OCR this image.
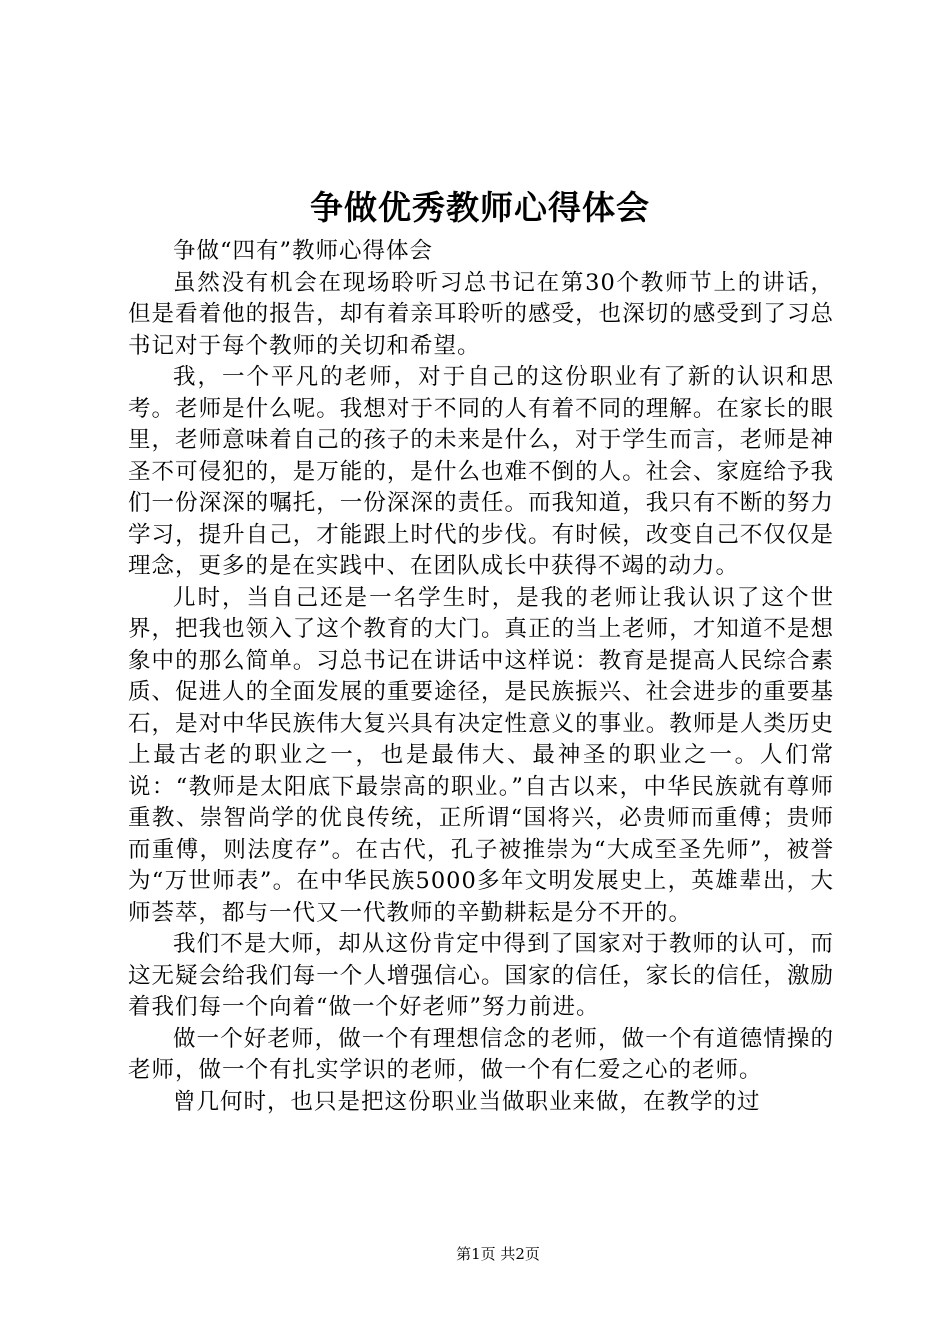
争做优秀教师心得体会

争做“四有”教师心得体会

虽然没有机会在现场聆听习总书记在第30个教师节上的讲话，但是看着他的报告，却有着亲耳聆听的感受，也深切的感受到了习总书记对于每个教师的关切和希望。

我，一个平凡的老师，对于自己的这份职业有了新的认识和思考。老师是什么呢。我想对于不同的人有着不同的理解。在家长的眼里，老师意味着自己的孩子的未来是什么，对于学生而言，老师是神圣不可侵犯的，是万能的，是什么也难不倒的人。社会、家庭给予我们一份深深的嘱托，一份深深的责任。而我知道，我只有不断的努力学习，提升自己，才能跟上时代的步伐。有时候，改变自己不仅仅是理念，更多的是在实践中、在团队成长中获得不竭的动力。

儿时，当自己还是一名学生时，是我的老师让我认识了这个世界，把我也领入了这个教育的大门。真正的当上老师，才知道不是想象中的那么简单。习总书记在讲话中这样说：教育是提高人民综合素质、促进人的全面发展的重要途径，是民族振兴、社会进步的重要基石，是对中华民族伟大复兴具有决定性意义的事业。教师是人类历史上最古老的职业之一，也是最伟大、最神圣的职业之一。人们常说：“教师是太阳底下最崇高的职业。”自古以来，中华民族就有尊师重教、崇智尚学的优良传统，正所谓“国将兴，必贵师而重傅；贵师而重傅，则法度存”。在古代，孔子被推崇为“大成至圣先师”，被誉为“万世师表”。在中华民族5000多年文明发展史上，英雄辈出，大师荟萃，都与一代又一代教师的辛勤耕耘是分不开的。

我们不是大师，却从这份肯定中得到了国家对于教师的认可，而这无疑会给我们每一个人增强信心。国家的信任，家长的信任，激励着我们每一个向着“做一个好老师”努力前进。

做一个好老师，做一个有理想信念的老师，做一个有道德情操的老师，做一个有扎实学识的老师，做一个有仁爱之心的老师。

曾几何时，也只是把这份职业当做职业来做，在教学的过

第1页 共2页
